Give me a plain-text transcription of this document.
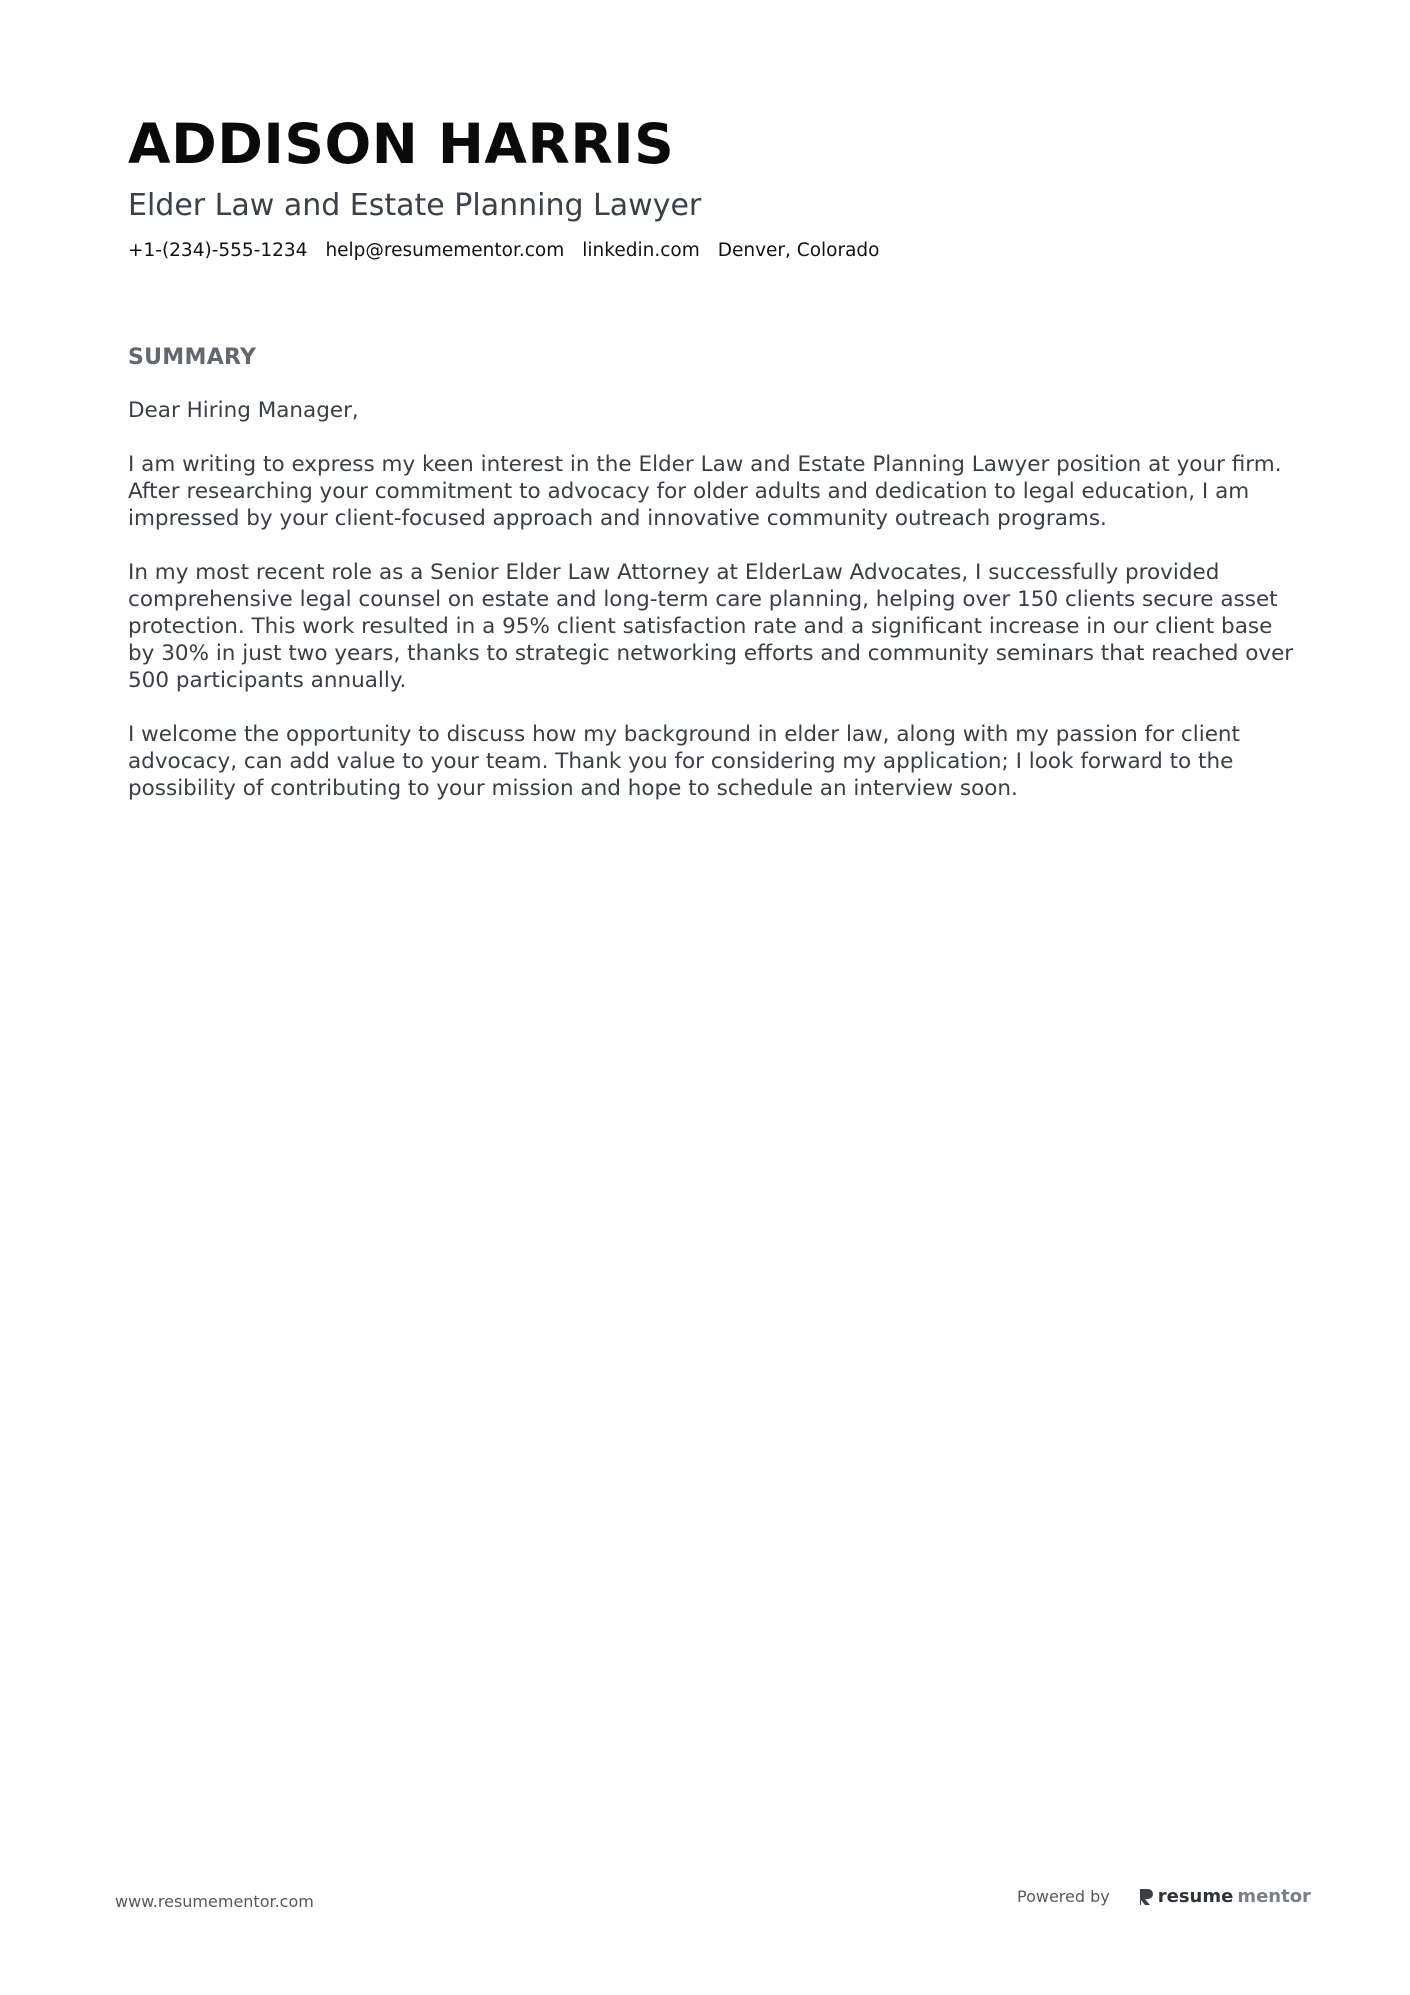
ADDISON HARRIS
Elder Law and Estate Planning Lawyer
+1-(234)-555-1234 help@resumementor.com linkedin.com Denver, Colorado
SUMMARY

Dear Hiring Manager,

I am writing to express my keen interest in the Elder Law and Estate Planning Lawyer position at your firm. After researching your commitment to advocacy for older adults and dedication to legal education, I am impressed by your client-focused approach and innovative community outreach programs.

In my most recent role as a Senior Elder Law Attorney at ElderLaw Advocates, I successfully provided comprehensive legal counsel on estate and long-term care planning, helping over 150 clients secure asset protection. This work resulted in a 95% client satisfaction rate and a significant increase in our client base by 30% in just two years, thanks to strategic networking efforts and community seminars that reached over 500 participants annually.

I welcome the opportunity to discuss how my background in elder law, along with my passion for client advocacy, can add value to your team. Thank you for considering my application; I look forward to the possibility of contributing to your mission and hope to schedule an interview soon.

www.resumementor.com	Powered by	resume mentor
